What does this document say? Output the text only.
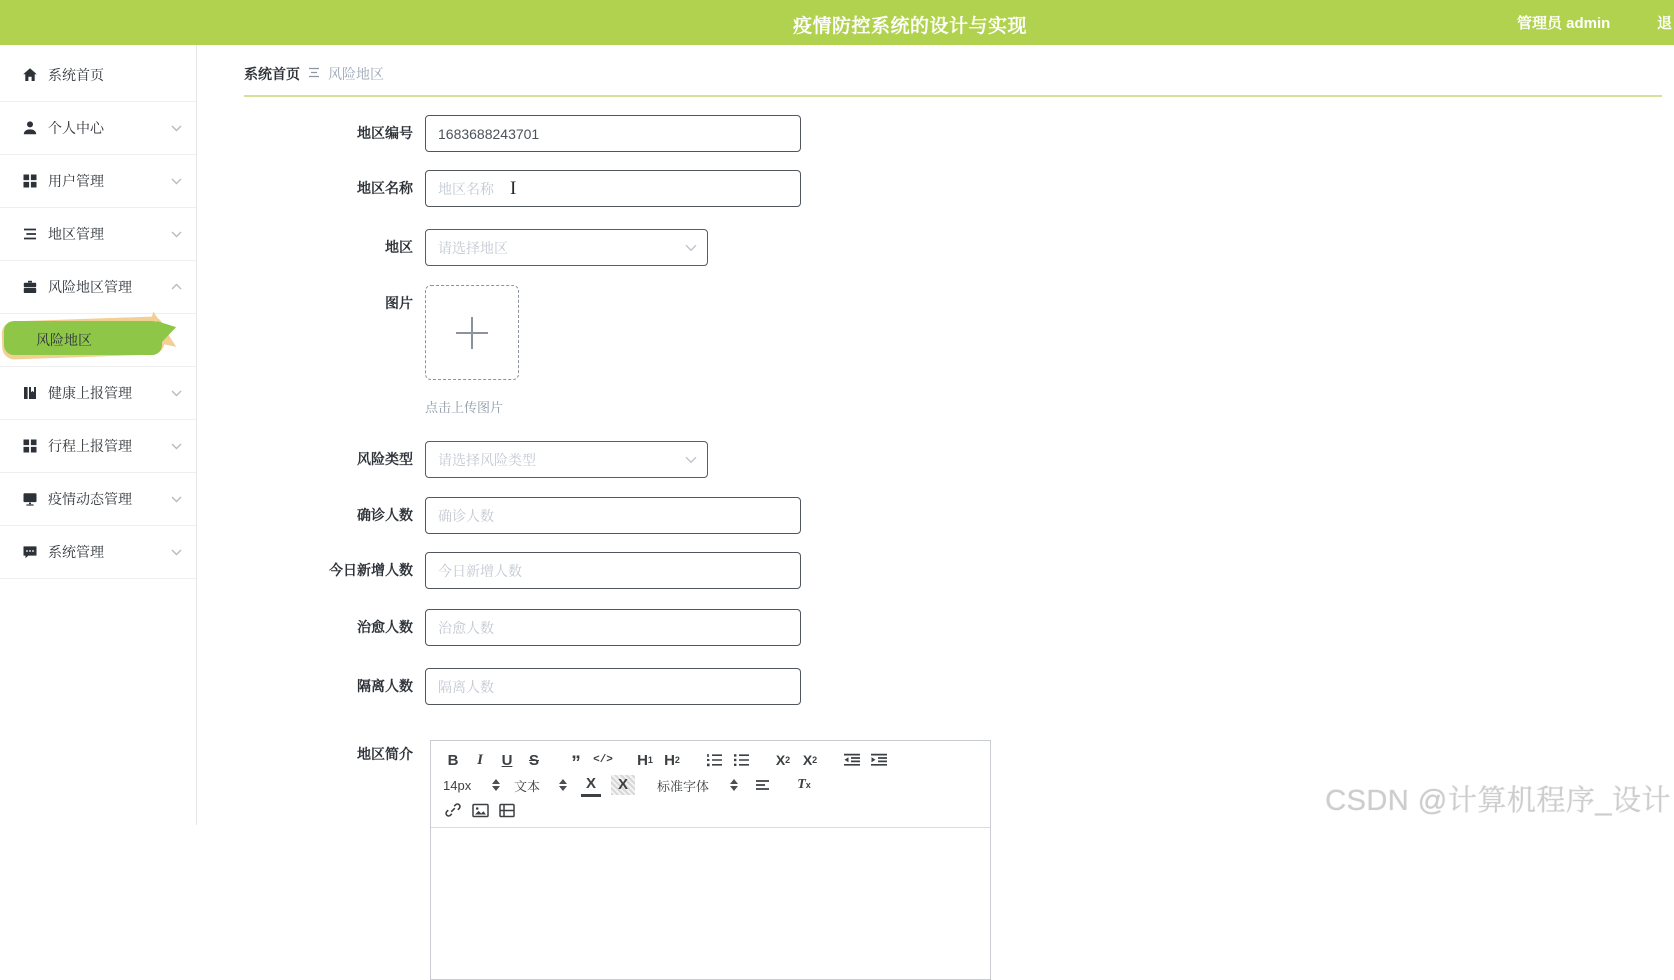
疫情防控系统的设计与实现	管理员 admin	退
系统首页
个人中心
用户管理
地区管理
风险地区管理
风险地区
健康上报管理
行程上报管理
疫情动态管理
系统管理
系统首页 风险地区
地区编号
1683688243701
地区名称
地区名称
I
地区 请选择地区
图片
点击上传图片
风险类型 请选择风险类型
确诊人数
确诊人数
今日新增人数
今日新增人数
治愈人数
治愈人数
隔离人数
隔离人数
地区简介	B	I	U	S ”	</> H 1 H 2	X 2 X 2
14px	文本	X	X	标准字体	T x	CSDN @计算机程序_设计
